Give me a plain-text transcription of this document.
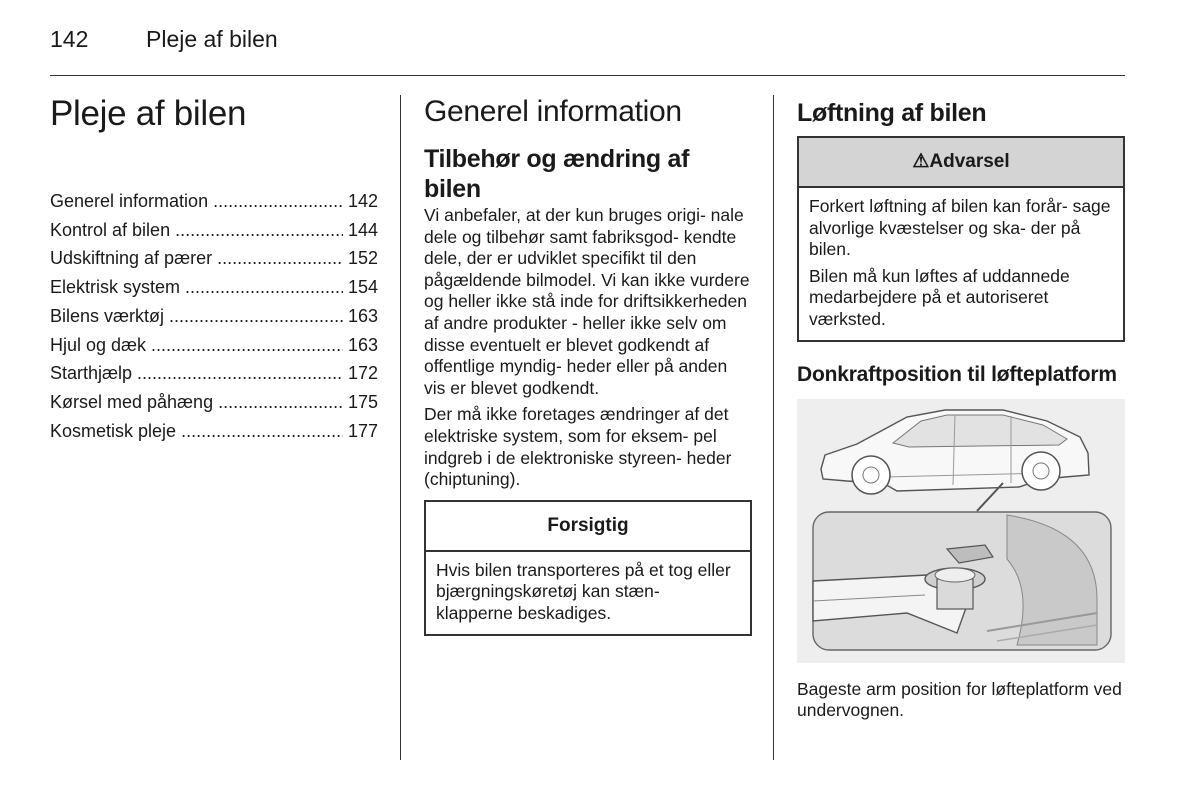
142	Pleje af bilen
Pleje af bilen
Generel information .....	142
Kontrol af bilen .....	144
Udskiftning af pærer .....	152
Elektrisk system .....	154
Bilens værktøj .....	163
Hjul og dæk .....	163
Starthjælp .....	172
Kørsel med påhæng .....	175
Kosmetisk pleje .....	177
Generel information
Tilbehør og ændring af bilen

Vi anbefaler, at der kun bruges origi- nale dele og tilbehør samt fabriksgod- kendte dele, der er udviklet specifikt til den pågældende bilmodel. Vi kan ikke vurdere og heller ikke stå inde for driftsikkerheden af andre produkter - heller ikke selv om disse eventuelt er blevet godkendt af offentlige myndig- heder eller på anden vis er blevet godkendt.

Der må ikke foretages ændringer af det elektriske system, som for eksem- pel indgreb i de elektroniske styreen- heder (chiptuning).

Forsigtig

Hvis bilen transporteres på et tog eller bjærgningskøretøj kan stæn- klapperne beskadiges.

Løftning af bilen
⚠Advarsel

Forkert løftning af bilen kan forår- sage alvorlige kvæstelser og ska- der på bilen.

Bilen må kun løftes af uddannede medarbejdere på et autoriseret værksted.

Donkraftposition til løfteplatform

Bageste arm position for løfteplatform ved undervognen.
